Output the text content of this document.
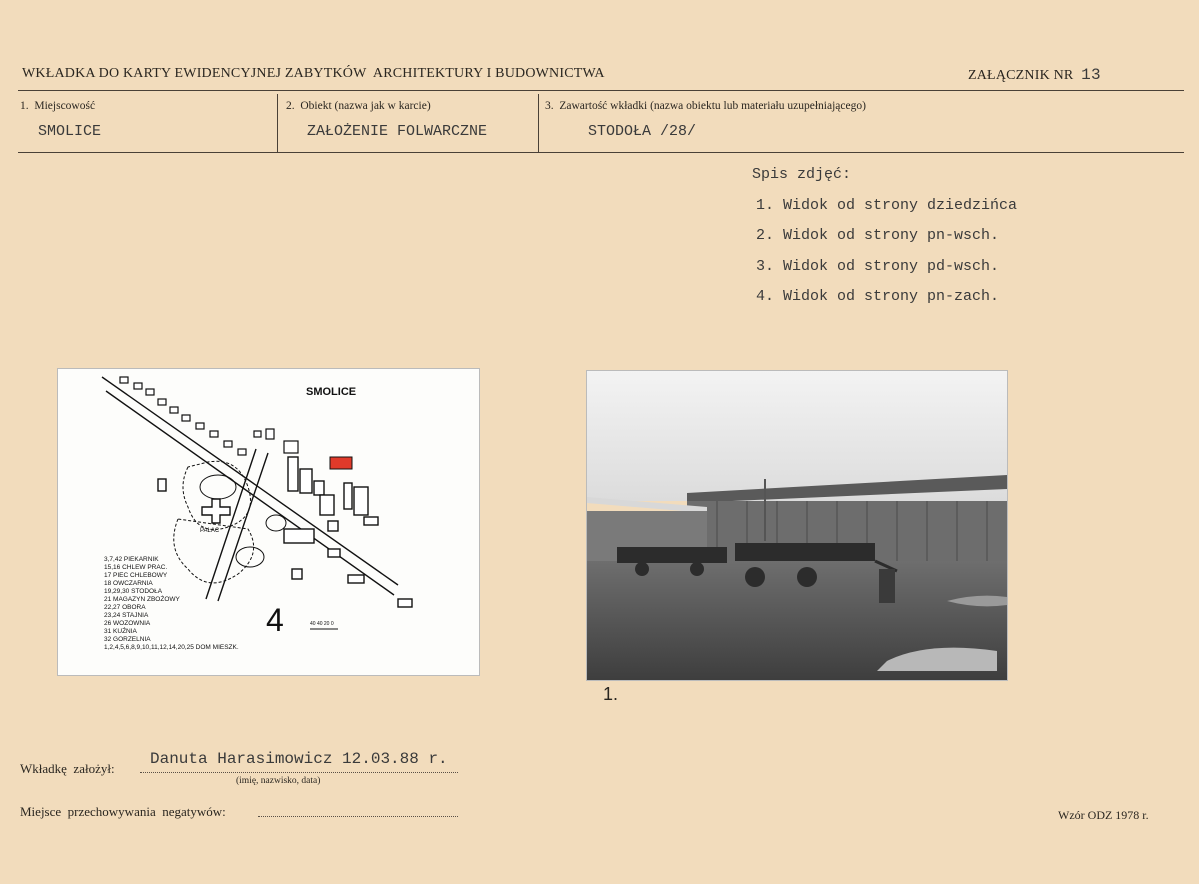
WKŁADKA DO KARTY EWIDENCYJNEJ ZABYTKÓW  ARCHITEKTURY I BUDOWNICTWA	ZAŁĄCZNIK NR 13
1.  Miejscowość
SMOLICE
2.  Obiekt (nazwa jak w karcie)
ZAŁOŻENIE FOLWARCZNE
3.  Zawartość wkładki (nazwa obiektu lub materiału uzupełniającego)
STODOŁA /28/
Spis zdjęć:
1. Widok od strony dziedzińca
2. Widok od strony pn-wsch.
3. Widok od strony pd-wsch.
4. Widok od strony pn-zach.
PAŁAC
SMOLICE
3,7,42 PIEKARNIK
15,16 CHLEW PRAC.
17 PIEC CHLEBOWY
18 OWCZARNIA
19,29,30 STODOŁA
21 MAGAZYN ZBOŻOWY
22,27 OBORA
23,24 STAJNIA
26 WOZOWNIA
31 KUŹNIA
32 GORZELNIA
1,2,4,5,6,8,9,10,11,12,14,20,25 DOM MIESZK.
4	40 40 20 0
1.
Wkładkę  założył:
Danuta Harasimowicz 12.03.88 r.
(imię, nazwisko, data)
Miejsce  przechowywania  negatywów:	Wzór ODZ 1978 r.
